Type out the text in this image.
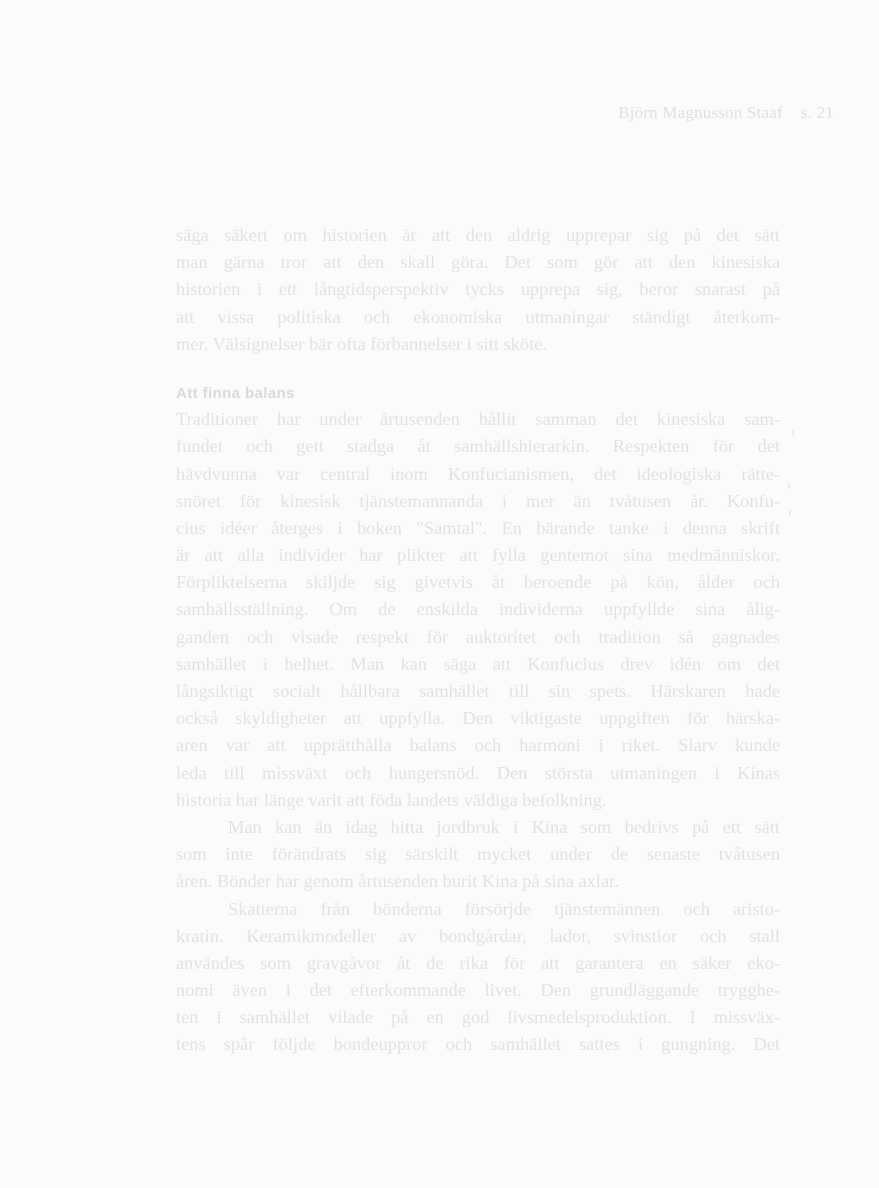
Björn Magnusson Staaf s. 21
säga säkert om historien är att den aldrig upprepar sig på det sätt
man gärna tror att den skall göra. Det som gör att den kinesiska
historien i ett långtidsperspektiv tycks upprepa sig, beror snarast på
att vissa politiska och ekonomiska utmaningar ständigt återkom-
mer. Välsignelser bär ofta förbannelser i sitt sköte.
Att finna balans
Traditioner har under årtusenden hållit samman det kinesiska sam-
fundet och gett stadga åt samhällshierarkin. Respekten för det
hävdvunna var central inom Konfucianismen, det ideologiska rätte-
snöret för kinesisk tjänstemannanda i mer än tvåtusen år. Konfu-
cius idéer återges i boken "Samtal". En bärande tanke i denna skrift
är att alla individer har plikter att fylla gentemot sina medmänniskor.
Förpliktelserna skiljde sig givetvis åt beroende på kön, ålder och
samhällsställning. Om de enskilda individerna uppfyllde sina ålig-
ganden och visade respekt för auktoritet och tradition så gagnades
samhället i helhet. Man kan säga att Konfucius drev idén om det
långsiktigt socialt hållbara samhället till sin spets. Härskaren hade
också skyldigheter att uppfylla. Den viktigaste uppgiften för härska-
aren var att upprätthålla balans och harmoni i riket. Slarv kunde
leda till missväxt och hungersnöd. Den största utmaningen i Kinas
historia har länge varit att föda landets väldiga befolkning.
Man kan än idag hitta jordbruk i Kina som bedrivs på ett sätt
som inte förändrats sig särskilt mycket under de senaste tvåtusen
åren. Bönder har genom årtusenden burit Kina på sina axlar.
Skatterna från bönderna försörjde tjänstemännen och aristo-
kratin. Keramikmodeller av bondgårdar, lador, svinstior och stall
användes som gravgåvor åt de rika för att garantera en säker eko-
nomi även i det efterkommande livet. Den grundläggande trygghe-
ten i samhället vilade på en god livsmedelsproduktion. I missväx-
tens spår följde bondeuppror och samhället sattes i gungning. Det
